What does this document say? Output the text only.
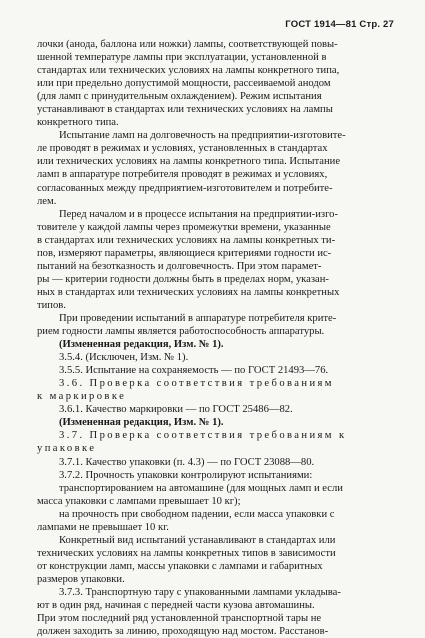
ГОСТ 1914—81 Стр. 27
лочки (анода, баллона или ножки) лампы, соответствующей повы-
шенной температуре лампы при эксплуатации, установленной в
стандартах или технических условиях на лампы конкретного типа,
или при предельно допустимой мощности, рассеиваемой анодом
(для ламп с принудительным охлаждением). Режим испытания
устанавливают в стандартах или технических условиях на лампы
конкретного типа.
Испытание ламп на долговечность на предприятии-изготовите-
ле проводят в режимах и условиях, установленных в стандартах
или технических условиях на лампы конкретного типа. Испытание
ламп в аппаратуре потребителя проводят в режимах и условиях,
согласованных между предприятием-изготовителем и потребите-
лем.
Перед началом и в процессе испытания на предприятии-изго-
товителе у каждой лампы через промежутки времени, указанные
в стандартах или технических условиях на лампы конкретных ти-
пов, измеряют параметры, являющиеся критериями годности ис-
пытаний на безотказность и долговечность. При этом парамет-
ры — критерии годности должны быть в пределах норм, указан-
ных в стандартах или технических условиях на лампы конкретных
типов.
При проведении испытаний в аппаратуре потребителя крите-
рием годности лампы является работоспособность аппаратуры.
(Измененная редакция, Изм. № 1).
3.5.4. (Исключен, Изм. № 1).
3.5.5. Испытание на сохраняемость — по ГОСТ 21493—76.
3.6. Проверка соответствия требованиям
к маркировке
3.6.1. Качество маркировки — по ГОСТ 25486—82.
(Измененная редакция, Изм. № 1).
3.7. Проверка соответствия требованиям к
упаковке
3.7.1. Качество упаковки (п. 4.3) — по ГОСТ 23088—80.
3.7.2. Прочность упаковки контролируют испытаниями:
транспортированием на автомашине (для мощных ламп и если
масса упаковки с лампами превышает 10 кг);
на прочность при свободном падении, если масса упаковки с
лампами не превышает 10 кг.
Конкретный вид испытаний устанавливают в стандартах или
технических условиях на лампы конкретных типов в зависимости
от конструкции ламп, массы упаковки с лампами и габаритных
размеров упаковки.
3.7.3. Транспортную тару с упакованными лампами укладыва-
ют в один ряд, начиная с передней части кузова автомашины.
При этом последний ряд установленной транспортной тары не
должен заходить за линию, проходящую над мостом. Расстанов-
